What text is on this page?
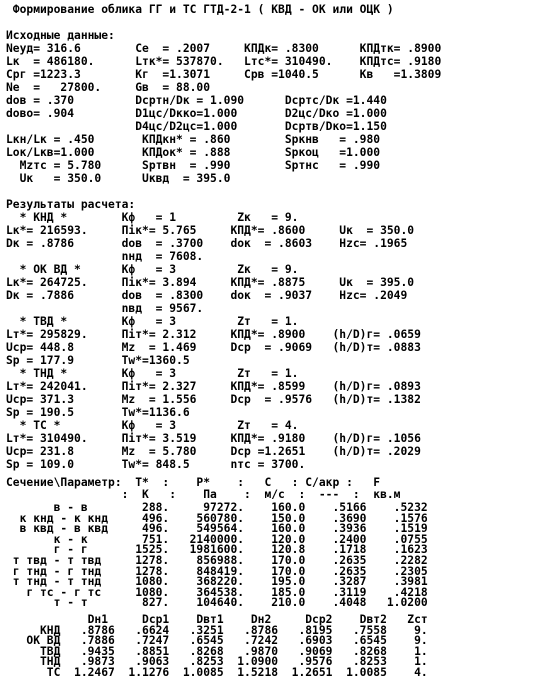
Формирование облика ГГ и ТС ГТД-2-1 ( КВД - ОК или ОЦК )
Исходные данные:
Neуд= 316.6        Ce  = .2007     КПДк= .8300      КПДтк= .8900
Lк  = 486180.      Lтк*= 537870.   Lтс*= 310490.    КПДтс= .9180
Cpг =1223.3        Kг  =1.3071     Cрв =1040.5      Kв   =1.3809
Nе  =   27800.     Gв  = 88.00
dов = .370         Dсртн/Dк = 1.090      Dсртс/Dк =1.440
dово= .904         D1цс/Dкко=1.000       D2цс/Dко =1.000
D4цс/D2цс=1.000       Dсртв/Dко=1.150
Lкн/Lк = .450       КПДкн* = .860        Sркнв   = .980
Lок/Lкв=1.000       КПДок* = .888        Sркоц   =1.000
Mzтс = 5.780      Sртвн  = .990        Sртнс   = .990
Uк   = 350.0      Uквд  = 395.0
Результаты расчета:
* КНД *        Кф   = 1         Zк   = 9.
Lк*= 216593.     Пiк*= 5.765     КПД*= .8600     Uк  = 350.0
Dк = .8786       dов  = .3700    dок  = .8603    Hzс= .1965
nнд  = 7608.
* ОК ВД *      Кф   = 3         Zк   = 9.
Lк*= 264725.     Пiк*= 3.894     КПД*= .8875     Uк  = 395.0
Dк = .7886       dов  = .8300    dок  = .9037    Hzс= .2049
nвд  = 9567.
* ТВД *        Кф   = 3         Zт   = 1.
Lт*= 295829.     Пiт*= 2.312     КПД*= .8900    (h/D)г= .0659
Uср= 448.8       Mz  = 1.469     Dср  = .9069   (h/D)т= .0883
Sр = 177.9       Tw*=1360.5
* ТНД *        Кф   = 3         Zт   = 1.
Lт*= 242041.     Пiт*= 2.327     КПД*= .8599    (h/D)г= .0893
Uср= 371.3       Mz  = 1.556     Dср  = .9576   (h/D)т= .1382
Sр = 190.5       Tw*=1136.6
* ТС *         Кф   = 3         Zт   = 4.
Lт*= 310490.     Пiт*= 3.519     КПД*= .9180    (h/D)г= .1056
Uср= 231.8       Mz  = 5.780     Dср =1.2651    (h/D)т= .2029
Sр = 109.0       Tw*= 848.5      nтс = 3700.
Сечение\Параметр:  T*  :    P*    :   C   : C/акр :   F
:  K   :    Па    :  м/с  :  ---  :  кв.м
в - в        288.     97272.    160.0    .5166    .5232
к кнд - к кнд     496.    560780.    150.0    .3690    .1576
в квд - в квд     496.    549564.    160.0    .3936    .1519
к - к        751.   2140000.    120.0    .2400    .0755
г - г       1525.   1981600.    120.8    .1718    .1623
т твд - т твд     1278.    856988.    170.0    .2635    .2282
г тнд - г тнд     1278.    848419.    170.0    .2635    .2305
т тнд - т тнд     1080.    368220.    195.0    .3287    .3981
г тс - г тс     1080.    364538.    185.0    .3119    .4218
т - т        827.    104640.    210.0    .4048   1.0200
Dн1     Dср1    Dвт1    Dн2     Dср2    Dвт2   Zст
КНД   .8786   .6624   .3251   .8786   .8195   .7558    9.
ОК ВД   .7886   .7247   .6545   .7242   .6903   .6545    9.
ТВД   .9435   .8851   .8268   .9870   .9069   .8268    1.
ТНД   .9873   .9063   .8253  1.0900   .9576   .8253    1.
ТС  1.2467  1.1276  1.0085  1.5218  1.2651  1.0085    4.
